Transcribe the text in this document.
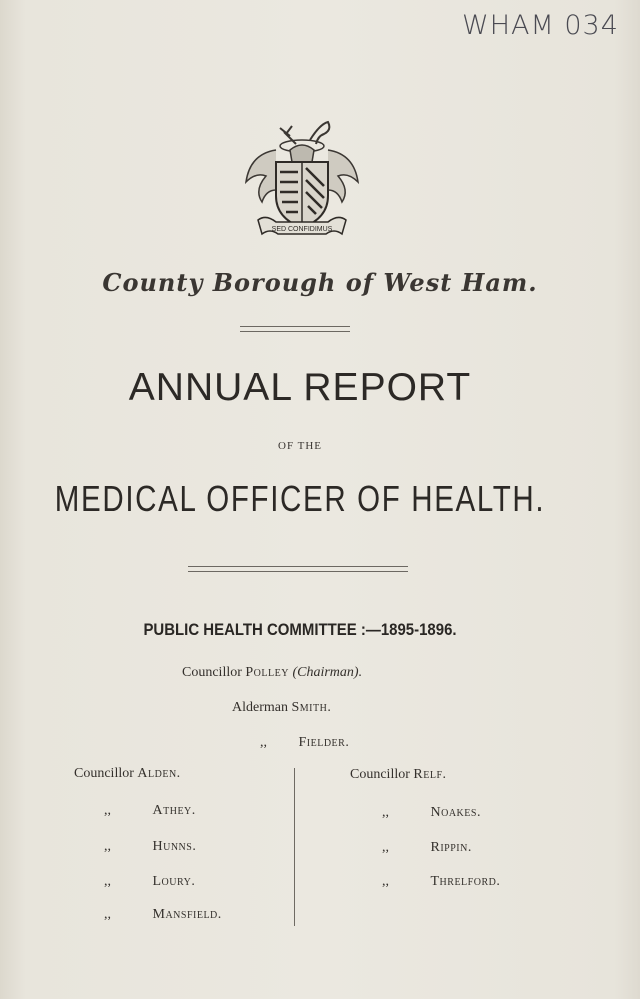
WHAM 034
SED CONFIDIMUS
County Borough of West Ham.
ANNUAL REPORT
OF THE
MEDICAL OFFICER OF HEALTH.
PUBLIC HEALTH COMMITTEE :—1895-1896.
Councillor Polley (Chairman).
Alderman Smith.
,, Fielder.
Councillor Alden.
,,	Athey.
,,	Hunns.
,,	Loury.
,,	Mansfield.
Councillor Relf.
,,	Noakes.
,,	Rippin.
,,	Threlford.
